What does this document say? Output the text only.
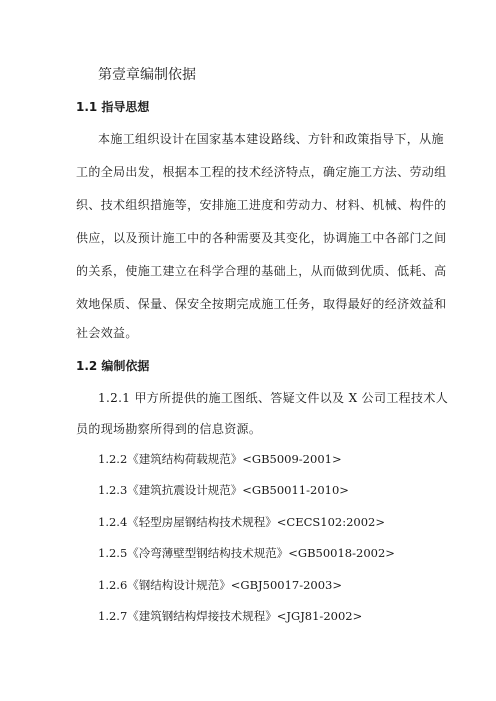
第壹章编制依据
1.1 指导思想
本施工组织设计在国家基本建设路线、方针和政策指导下，从施
工的全局出发，根据本工程的技术经济特点，确定施工方法、劳动组
织、技术组织措施等，安排施工进度和劳动力、材料、机械、构件的
供应，以及预计施工中的各种需要及其变化，协调施工中各部门之间
的关系，使施工建立在科学合理的基础上，从而做到优质、低耗、高
效地保质、保量、保安全按期完成施工任务，取得最好的经济效益和
社会效益。
1.2 编制依据
1.2.1 甲方所提供的施工图纸、答疑文件以及 X 公司工程技术人
员的现场勘察所得到的信息资源。
1.2.2《建筑结构荷载规范》<GB5009-2001>
1.2.3《建筑抗震设计规范》<GB50011-2010>
1.2.4《轻型房屋钢结构技术规程》<CECS102:2002>
1.2.5《冷弯薄壁型钢结构技术规范》<GB50018-2002>
1.2.6《钢结构设计规范》<GBJ50017-2003>
1.2.7《建筑钢结构焊接技术规程》<JGJ81-2002>
